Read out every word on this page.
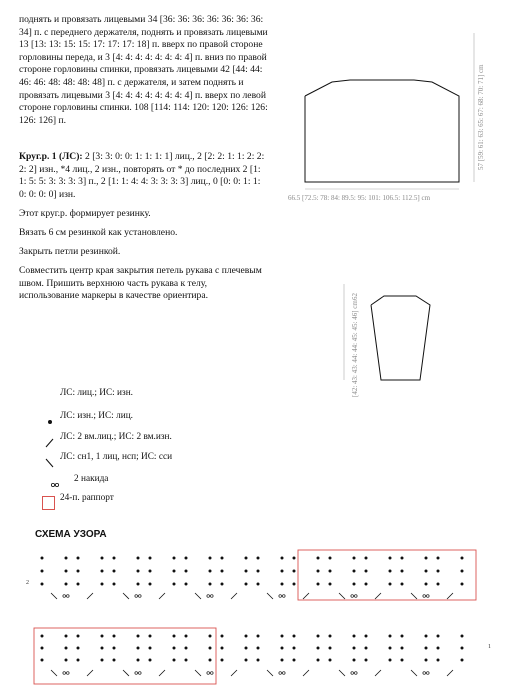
поднять и провязать лицевыми 34 [36: 36: 36: 36: 36: 36: 36: 34] п. с переднего держателя, поднять и провязать лицевыми 13 [13: 13: 15: 15: 17: 17: 17: 18] п. вверх по правой стороне горловины переда, и 3 [4: 4: 4: 4: 4: 4: 4: 4] п. вниз по правой стороне горловины спинки, провязать лицевыми 42 [44: 44: 46: 46: 48: 48: 48: 48] п. с держателя, и затем поднять и провязать лицевыми 3 [4: 4: 4: 4: 4: 4: 4: 4] п. вверх по левой стороне горловины спинки. 108 [114: 114: 120: 120: 126: 126: 126: 126] п.
Круг.р. 1 (ЛС): 2 [3: 3: 0: 0: 1: 1: 1: 1] лиц., 2 [2: 2: 1: 1: 2: 2: 2: 2] изн., *4 лиц., 2 изн., повторять от * до последних 2 [1: 1: 5: 5: 3: 3: 3: 3] п., 2 [1: 1: 4: 4: 3: 3: 3: 3] лиц., 0 [0: 0: 1: 1: 0: 0: 0: 0] изн.
Этот круг.р. формирует резинку.
Вязать 6 см резинкой как установлено.
Закрыть петли резинкой.
Совместить центр края закрытия петель рукава с плечевым швом. Пришить верхнюю часть рукава к телу, использование маркеры в качестве ориентира.
57 [59: 61: 63: 65: 67: 68: 70: 71] cm
66.5 [72.5: 78: 84: 89.5: 95: 101: 106.5: 112.5] cm
62
[42: 43: 43: 44: 44: 45: 45: 46] cm
ЛС: лиц.; ИС: изн.
ЛС: изн.; ИС: лиц.
ЛС: 2 вм.лиц.; ИС: 2 вм.изн.
ЛС: сн1, 1 лиц, нсп; ИС: сси
2 накида
24-п. раппорт
СХЕМА УЗОРА
2
1
